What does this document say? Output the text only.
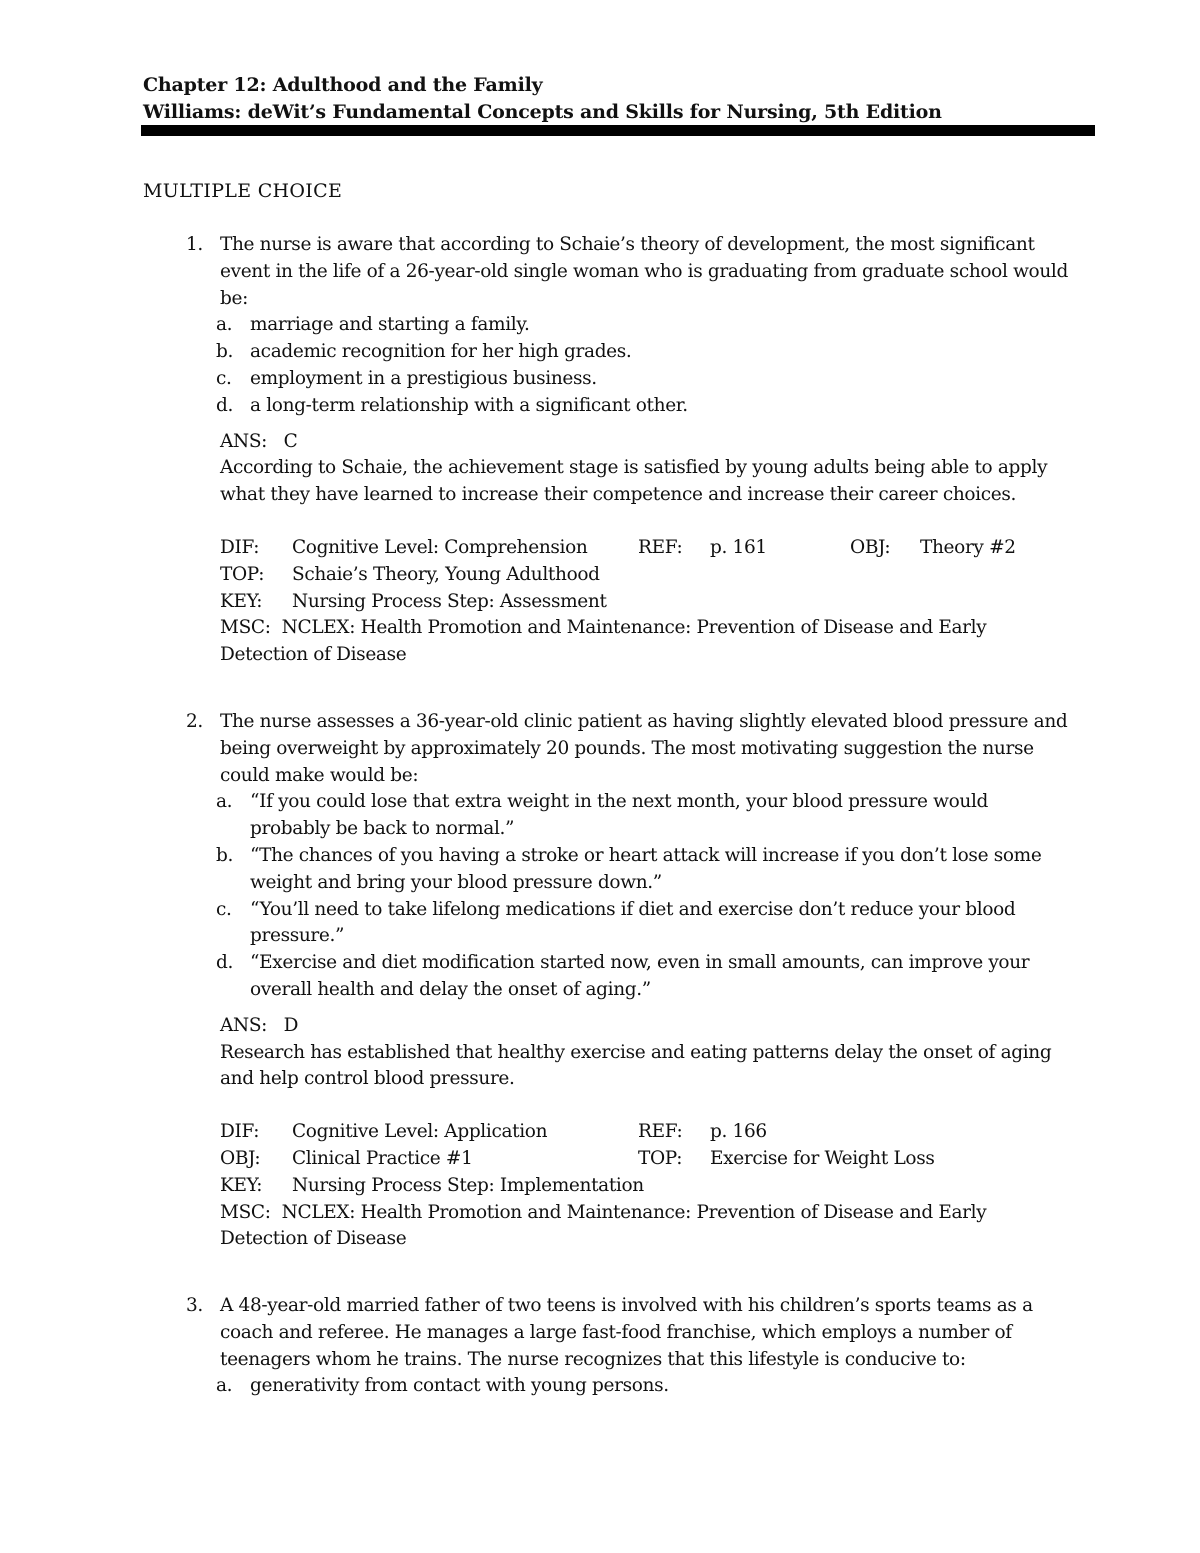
Chapter 12: Adulthood and the Family
Williams: deWit’s Fundamental Concepts and Skills for Nursing, 5th Edition
MULTIPLE CHOICE
1. The nurse is aware that according to Schaie’s theory of development, the most significant event in the life of a 26-year-old single woman who is graduating from graduate school would be:
a. marriage and starting a family.
b. academic recognition for her high grades.
c. employment in a prestigious business.
d. a long-term relationship with a significant other.
ANS: C
According to Schaie, the achievement stage is satisfied by young adults being able to apply what they have learned to increase their competence and increase their career choices.
DIF: Cognitive Level: Comprehension	REF: p. 161	OBJ: Theory #2
TOP: Schaie’s Theory, Young Adulthood
KEY: Nursing Process Step: Assessment
MSC: NCLEX: Health Promotion and Maintenance: Prevention of Disease and Early Detection of Disease
2. The nurse assesses a 36-year-old clinic patient as having slightly elevated blood pressure and being overweight by approximately 20 pounds. The most motivating suggestion the nurse could make would be:
a. “If you could lose that extra weight in the next month, your blood pressure would probably be back to normal.”
b. “The chances of you having a stroke or heart attack will increase if you don’t lose some weight and bring your blood pressure down.”
c. “You’ll need to take lifelong medications if diet and exercise don’t reduce your blood pressure.”
d. “Exercise and diet modification started now, even in small amounts, can improve your overall health and delay the onset of aging.”
ANS: D
Research has established that healthy exercise and eating patterns delay the onset of aging and help control blood pressure.
DIF: Cognitive Level: Application	REF: p. 166
OBJ: Clinical Practice #1	TOP: Exercise for Weight Loss
KEY: Nursing Process Step: Implementation
MSC: NCLEX: Health Promotion and Maintenance: Prevention of Disease and Early Detection of Disease
3. A 48-year-old married father of two teens is involved with his children’s sports teams as a coach and referee. He manages a large fast-food franchise, which employs a number of teenagers whom he trains. The nurse recognizes that this lifestyle is conducive to:
a. generativity from contact with young persons.
